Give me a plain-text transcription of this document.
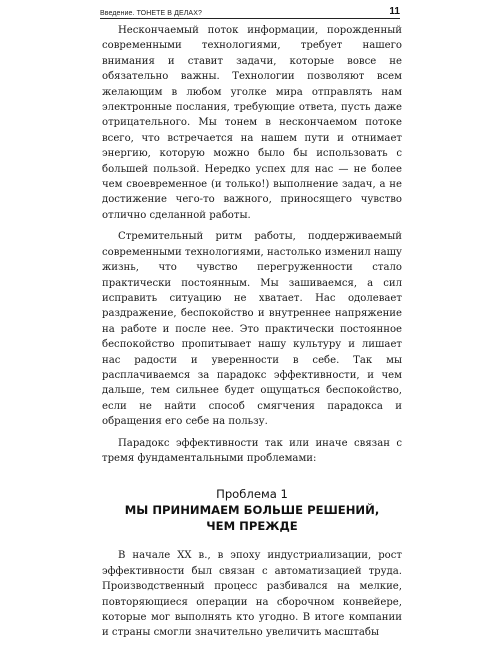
Введение. ТОНЕТЕ В ДЕЛАХ?	11

Нескончаемый поток информации, порожденный современными технологиями, требует нашего внимания и ставит задачи, которые вовсе не обязательно важны. Технологии позволяют всем желающим в любом уголке мира отправлять нам электронные послания, требующие ответа, пусть даже отрицательного. Мы тонем в нескончаемом потоке всего, что встречается на нашем пути и отнимает энергию, которую можно было бы использовать с большей пользой. Нередко успех для нас — не более чем своевременное (и только!) выполнение задач, а не достижение чего-то важного, приносящего чувство отлично сделанной работы.

Стремительный ритм работы, поддерживаемый современными технологиями, настолько изменил нашу жизнь, что чувство перегруженности стало практически постоянным. Мы зашиваемся, а сил исправить ситуацию не хватает. Нас одолевает раздражение, беспокойство и внутреннее напряжение на работе и после нее. Это практически постоянное беспокойство пропитывает нашу культуру и лишает нас радости и уверенности в себе. Так мы расплачиваемся за парадокс эффективности, и чем дальше, тем сильнее будет ощущаться беспокойство, если не найти способ смягчения парадокса и обращения его себе на пользу.

Парадокс эффективности так или иначе связан с тремя фундаментальными проблемами:

Проблема 1
МЫ ПРИНИМАЕМ БОЛЬШЕ РЕШЕНИЙ,
ЧЕМ ПРЕЖДЕ

В начале XX в., в эпоху индустриализации, рост эффективности был связан с автоматизацией труда. Производственный процесс разбивался на мелкие, повторяющиеся операции на сборочном конвейере, которые мог выполнять кто угодно. В итоге компании и страны смогли значительно увеличить масштабы
